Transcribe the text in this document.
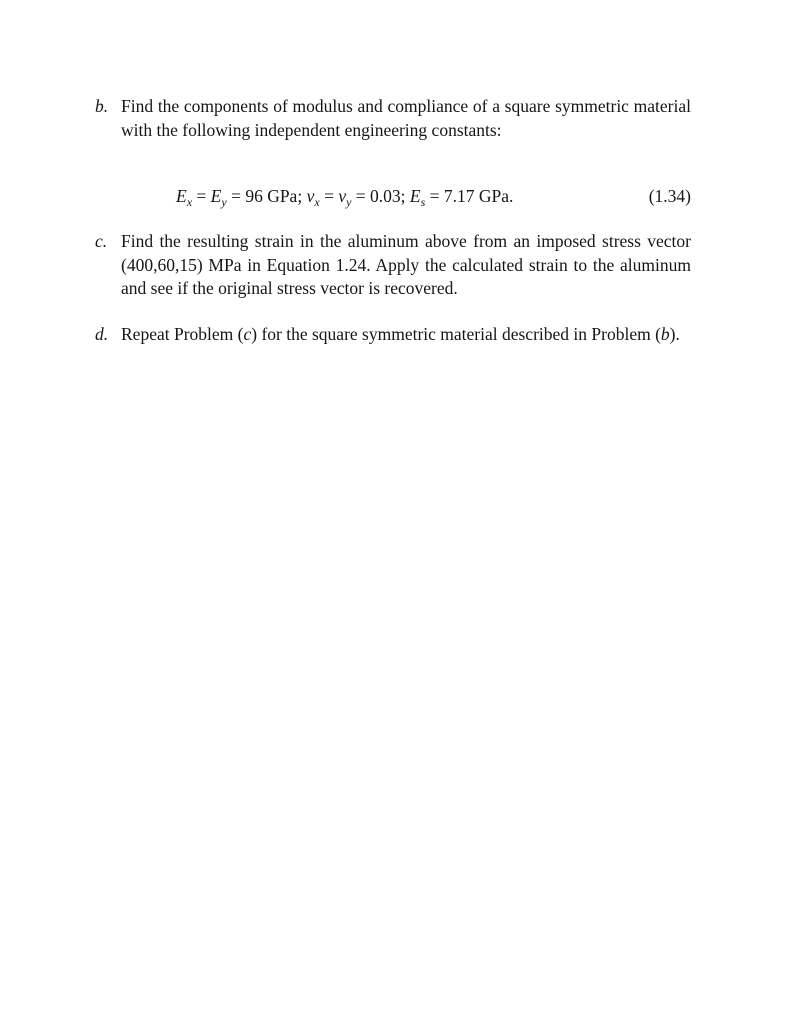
b. Find the components of modulus and compliance of a square symmetric material with the following independent engineering constants:
$E_x = E_y = 96$ GPa; $\nu_x = \nu_y = 0.03$; $E_s = 7.17$ GPa.	(1.34)
c. Find the resulting strain in the aluminum above from an imposed stress vector (400,60,15) MPa in Equation 1.24. Apply the calculated strain to the aluminum and see if the original stress vector is recovered.
d. Repeat Problem (c) for the square symmetric material described in Problem (b).
